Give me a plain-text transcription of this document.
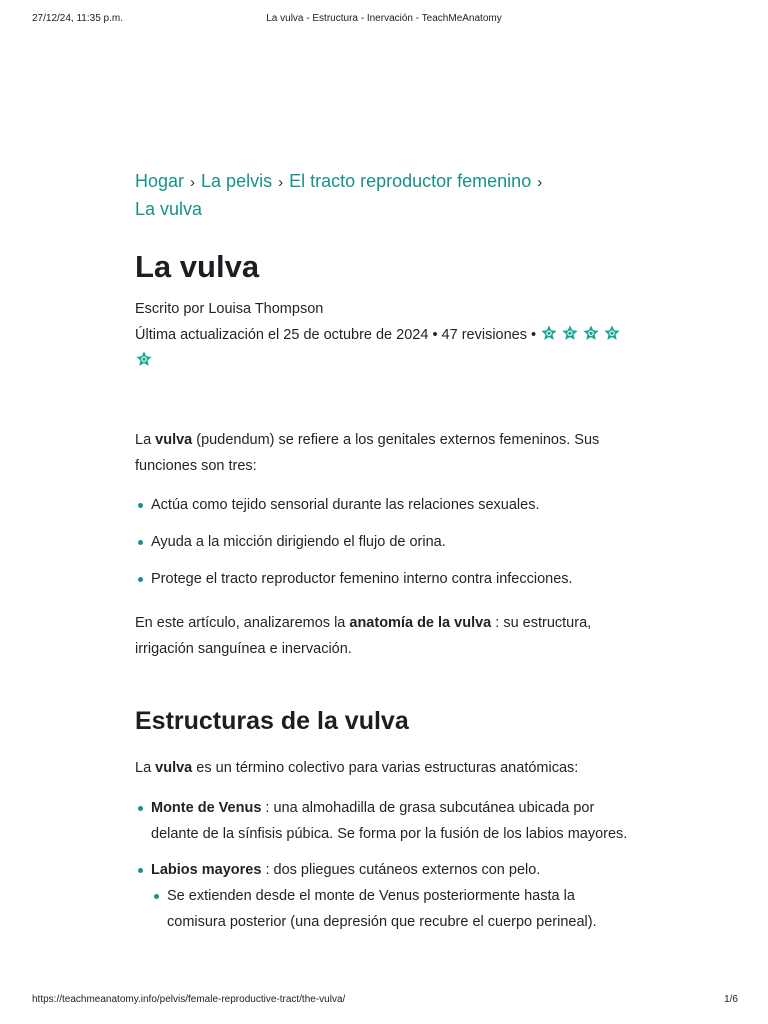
27/12/24, 11:35 p.m.	La vulva - Estructura - Inervación - TeachMeAnatomy
Hogar › La pelvis › El tracto reproductor femenino ›
La vulva
La vulva
Escrito por Louisa Thompson
Última actualización el 25 de octubre de 2024 • 47 revisiones •

La vulva (pudendum) se refiere a los genitales externos femeninos. Sus funciones son tres:

Actúa como tejido sensorial durante las relaciones sexuales.
Ayuda a la micción dirigiendo el flujo de orina.
Protege el tracto reproductor femenino interno contra infecciones.

En este artículo, analizaremos la anatomía de la vulva : su estructura, irrigación sanguínea e inervación.

Estructuras de la vulva

La vulva es un término colectivo para varias estructuras anatómicas:

Monte de Venus : una almohadilla de grasa subcutánea ubicada por delante de la sínfisis púbica. Se forma por la fusión de los labios mayores.
Labios mayores : dos pliegues cutáneos externos con pelo.
Se extienden desde el monte de Venus posteriormente hasta la comisura posterior (una depresión que recubre el cuerpo perineal).
https://teachmeanatomy.info/pelvis/female-reproductive-tract/the-vulva/	1/6
